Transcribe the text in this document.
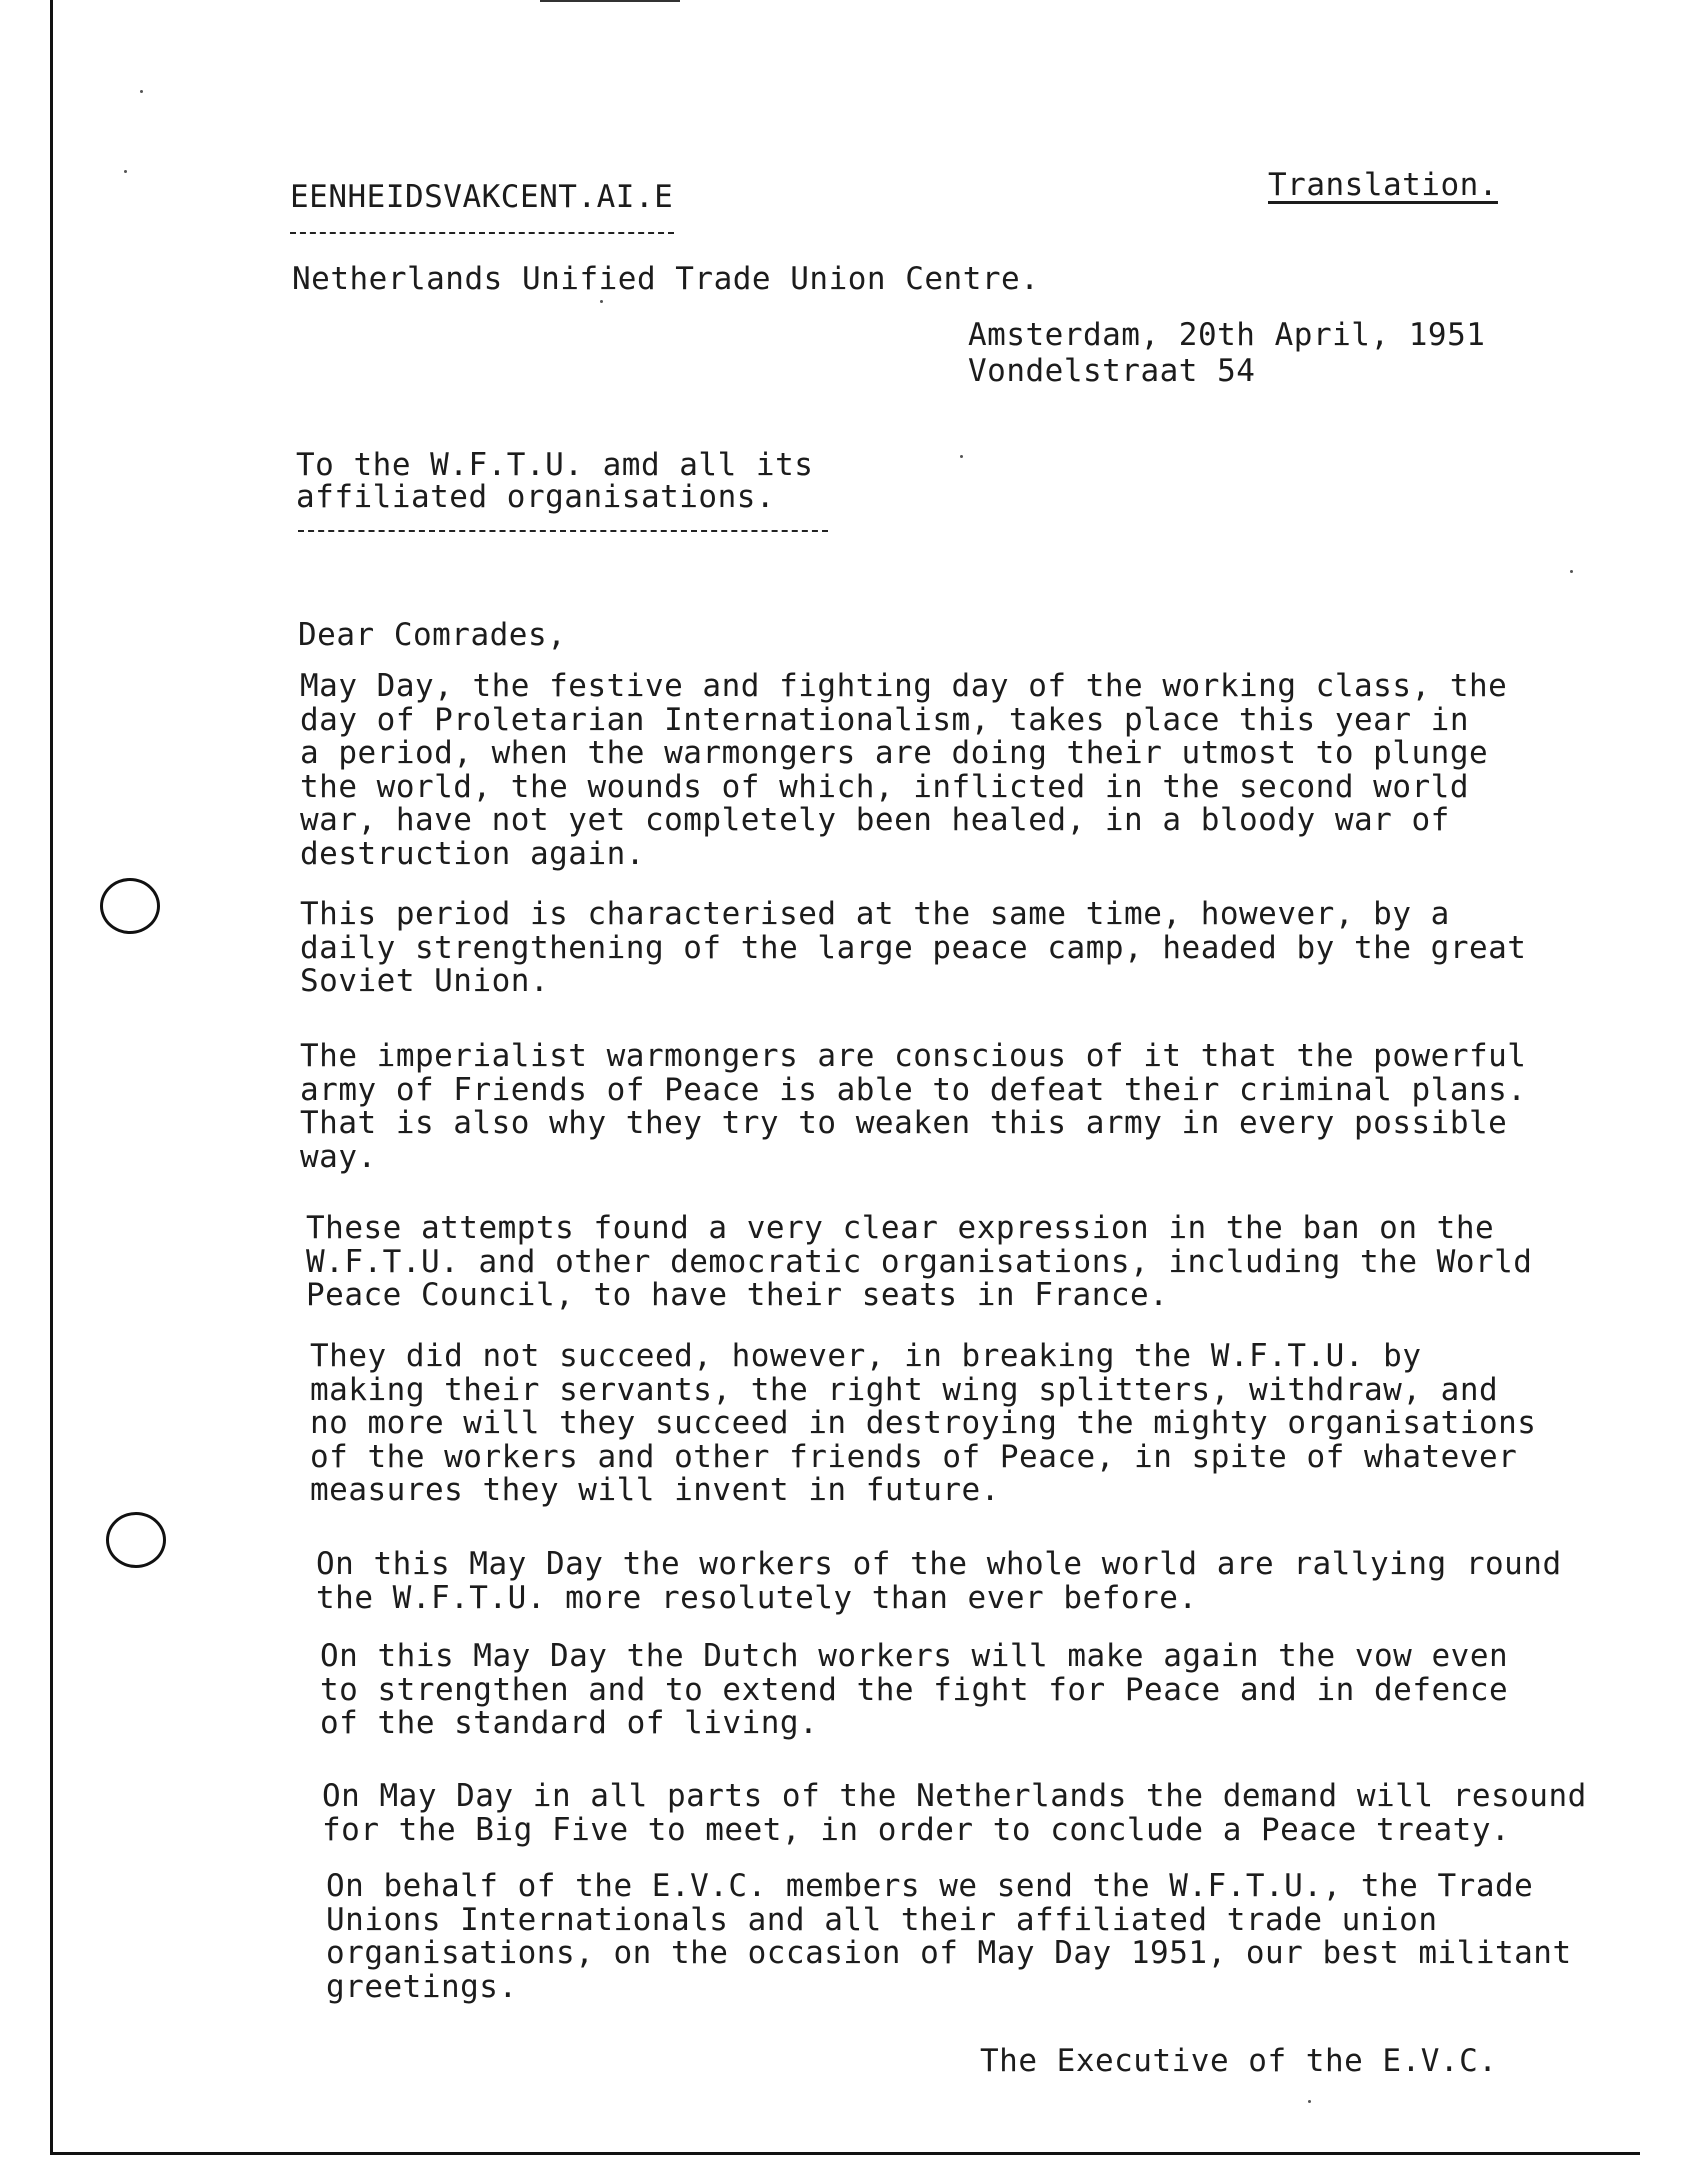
EENHEIDSVAKCENT.AI.E	Translation.
Netherlands Unified Trade Union Centre.
Amsterdam, 20th April, 1951
Vondelstraat 54
To the W.F.T.U. amd all its
affiliated organisations.
Dear Comrades,
May Day, the festive and fighting day of the working class, the
day of Proletarian Internationalism, takes place this year in
a period, when the warmongers are doing their utmost to plunge
the world, the wounds of which, inflicted in the second world
war, have not yet completely been healed, in a bloody war of
destruction again.
This period is characterised at the same time, however, by a
daily strengthening of the large peace camp, headed by the great
Soviet Union.
The imperialist warmongers are conscious of it that the powerful
army of Friends of Peace is able to defeat their criminal plans.
That is also why they try to weaken this army in every possible
way.
These attempts found a very clear expression in the ban on the
W.F.T.U. and other democratic organisations, including the World
Peace Council, to have their seats in France.
They did not succeed, however, in breaking the W.F.T.U. by
making their servants, the right wing splitters, withdraw, and
no more will they succeed in destroying the mighty organisations
of the workers and other friends of Peace, in spite of whatever
measures they will invent in future.
On this May Day the workers of the whole world are rallying round
the W.F.T.U. more resolutely than ever before.
On this May Day the Dutch workers will make again the vow even
to strengthen and to extend the fight for Peace and in defence
of the standard of living.
On May Day in all parts of the Netherlands the demand will resound
for the Big Five to meet, in order to conclude a Peace treaty.
On behalf of the E.V.C. members we send the W.F.T.U., the Trade
Unions Internationals and all their affiliated trade union
organisations, on the occasion of May Day 1951, our best militant
greetings.
The Executive of the E.V.C.
